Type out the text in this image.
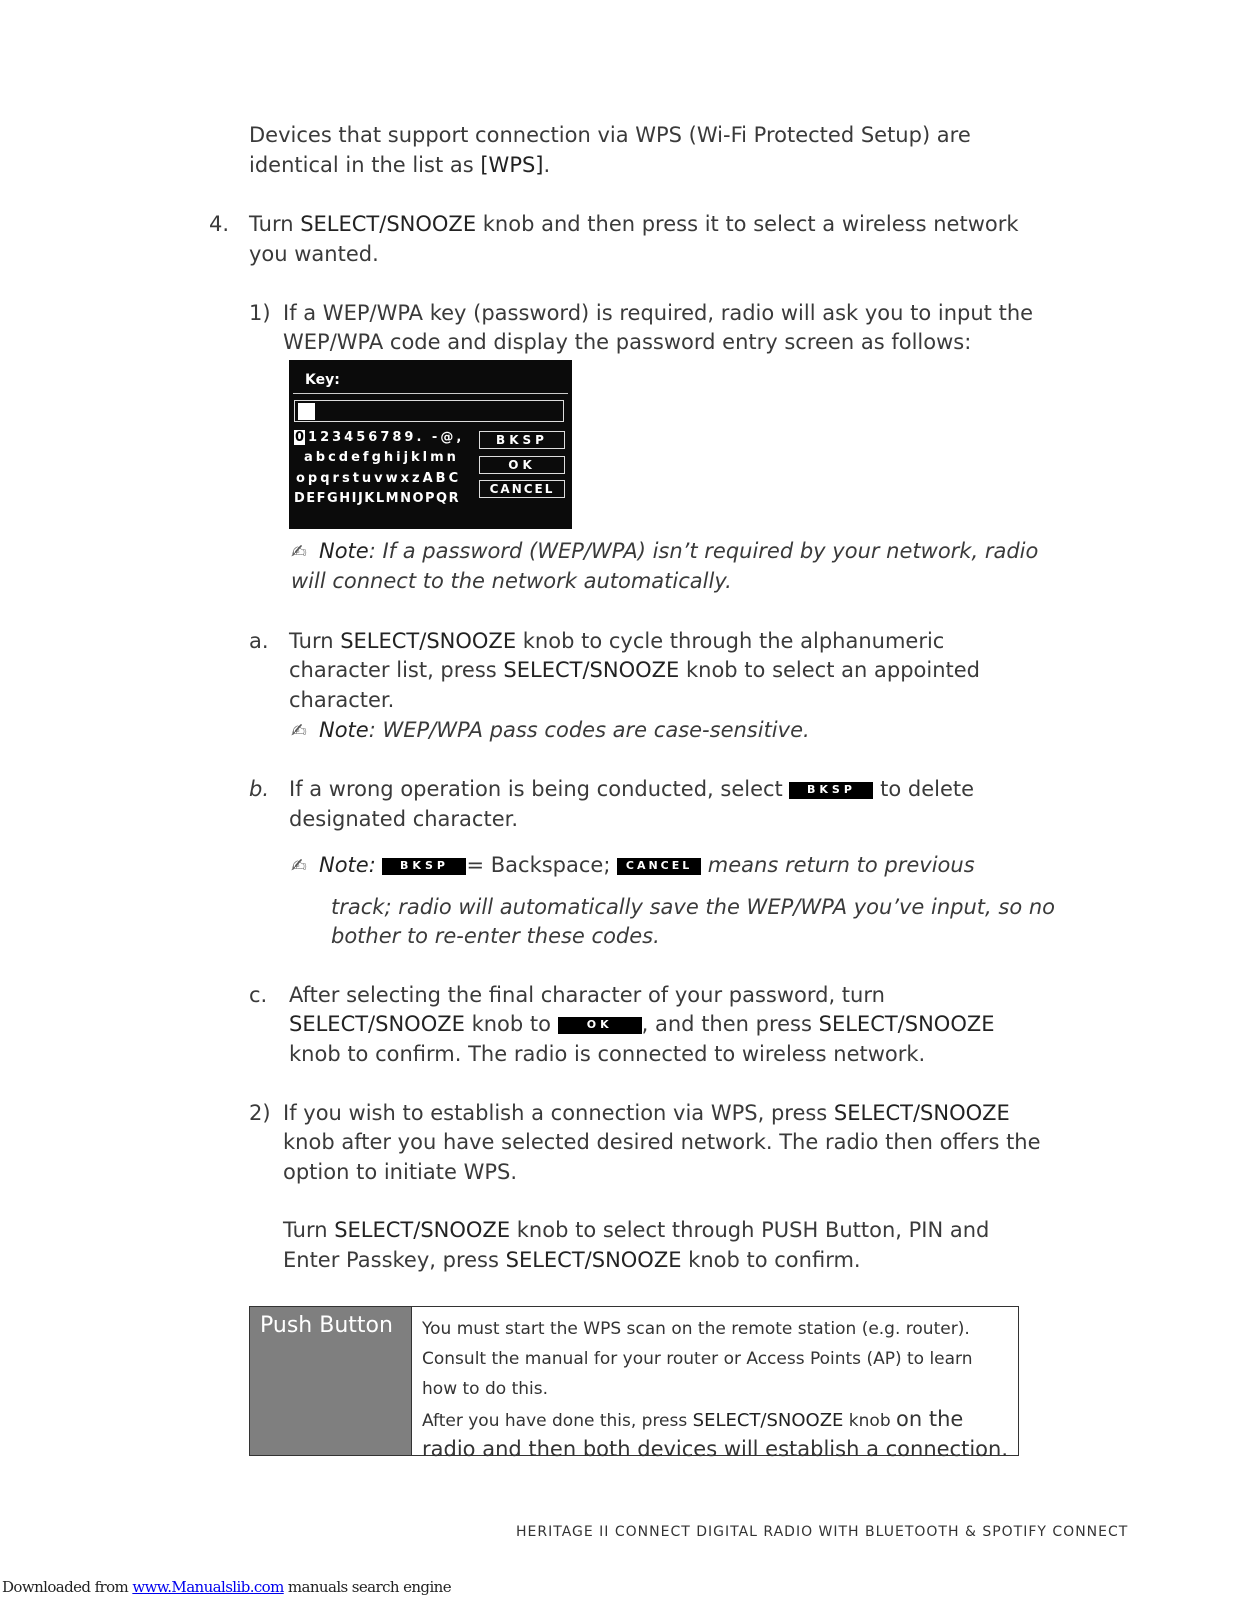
Devices that support connection via WPS (Wi-Fi Protected Setup) are
identical in the list as [WPS].
4. Turn SELECT/SNOOZE knob and then press it to select a wireless network
you wanted.
1) If a WEP/WPA key (password) is required, radio will ask you to input the
WEP/WPA code and display the password entry screen as follows:
Key:
0 123456789. -@,
abcdefghijklmn
opqrstuvwxzABC
DEFGHIJKLMNOPQR
BKSP
OK
CANCEL
✍ Note: If a password (WEP/WPA) isn’t required by your network, radio
will connect to the network automatically.
a. Turn SELECT/SNOOZE knob to cycle through the alphanumeric
character list, press SELECT/SNOOZE knob to select an appointed
character.
✍ Note: WEP/WPA pass codes are case-sensitive.
b. If a wrong operation is being conducted, select BKSP to delete
designated character.
✍ Note: BKSP = Backspace; CANCEL means return to previous
track; radio will automatically save the WEP/WPA you’ve input, so no
bother to re-enter these codes.
c. After selecting the final character of your password, turn
SELECT/SNOOZE knob to	OK , and then press SELECT/SNOOZE
knob to confirm. The radio is connected to wireless network.
2) If you wish to establish a connection via WPS, press SELECT/SNOOZE
knob after you have selected desired network. The radio then offers the
option to initiate WPS.
Turn SELECT/SNOOZE knob to select through PUSH Button, PIN and
Enter Passkey, press SELECT/SNOOZE knob to confirm.
Push Button	You must start the WPS scan on the remote station (e.g. router).
Consult the manual for your router or Access Points (AP) to learn
how to do this.
After you have done this, press SELECT/SNOOZE knob on the
radio and then both devices will establish a connection.
HERITAGE II CONNECT DIGITAL RADIO WITH BLUETOOTH & SPOTIFY CONNECT
Downloaded from www.Manualslib.com manuals search engine
